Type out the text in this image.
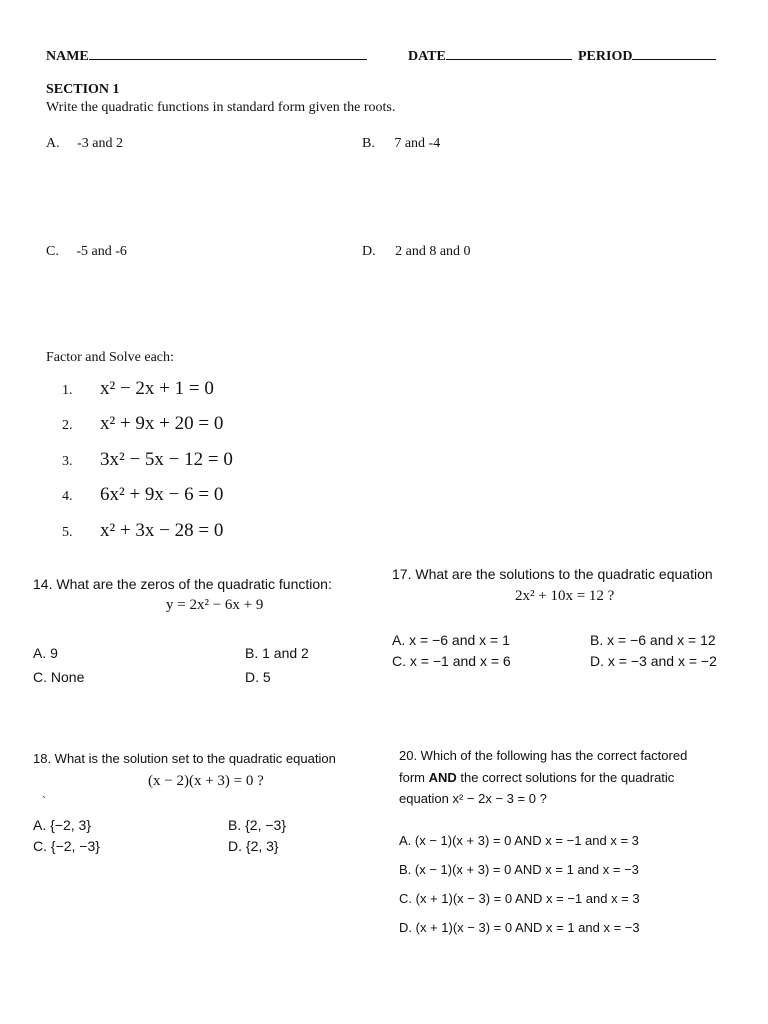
NAME	DATE	PERIOD
SECTION 1
Write the quadratic functions in standard form given the roots.
A. -3 and 2	B. 7 and -4
C. -5 and -6	D. 2 and 8 and 0
Factor and Solve each:
1. x² − 2x + 1 = 0
2. x² + 9x + 20 = 0
3. 3x² − 5x − 12 = 0
4. 6x² + 9x − 6 = 0
5. x² + 3x − 28 = 0
14. What are the zeros of the quadratic function:
y = 2x² − 6x + 9
A. 9	B. 1 and 2
C. None	D. 5
17. What are the solutions to the quadratic equation
2x² + 10x = 12 ?
A. x = −6 and x = 1	B. x = −6 and x = 12
C. x = −1 and x = 6	D. x = −3 and x = −2
18. What is the solution set to the quadratic equation
(x − 2)(x + 3) = 0 ?
`
A. {−2, 3}	B. {2, −3}
C. {−2, −3}	D. {2, 3}
20. Which of the following has the correct factored
form AND the correct solutions for the quadratic
equation x² − 2x − 3 = 0 ?
A. (x − 1)(x + 3) = 0 AND x = −1 and x = 3
B. (x − 1)(x + 3) = 0 AND x = 1 and x = −3
C. (x + 1)(x − 3) = 0 AND x = −1 and x = 3
D. (x + 1)(x − 3) = 0 AND x = 1 and x = −3
